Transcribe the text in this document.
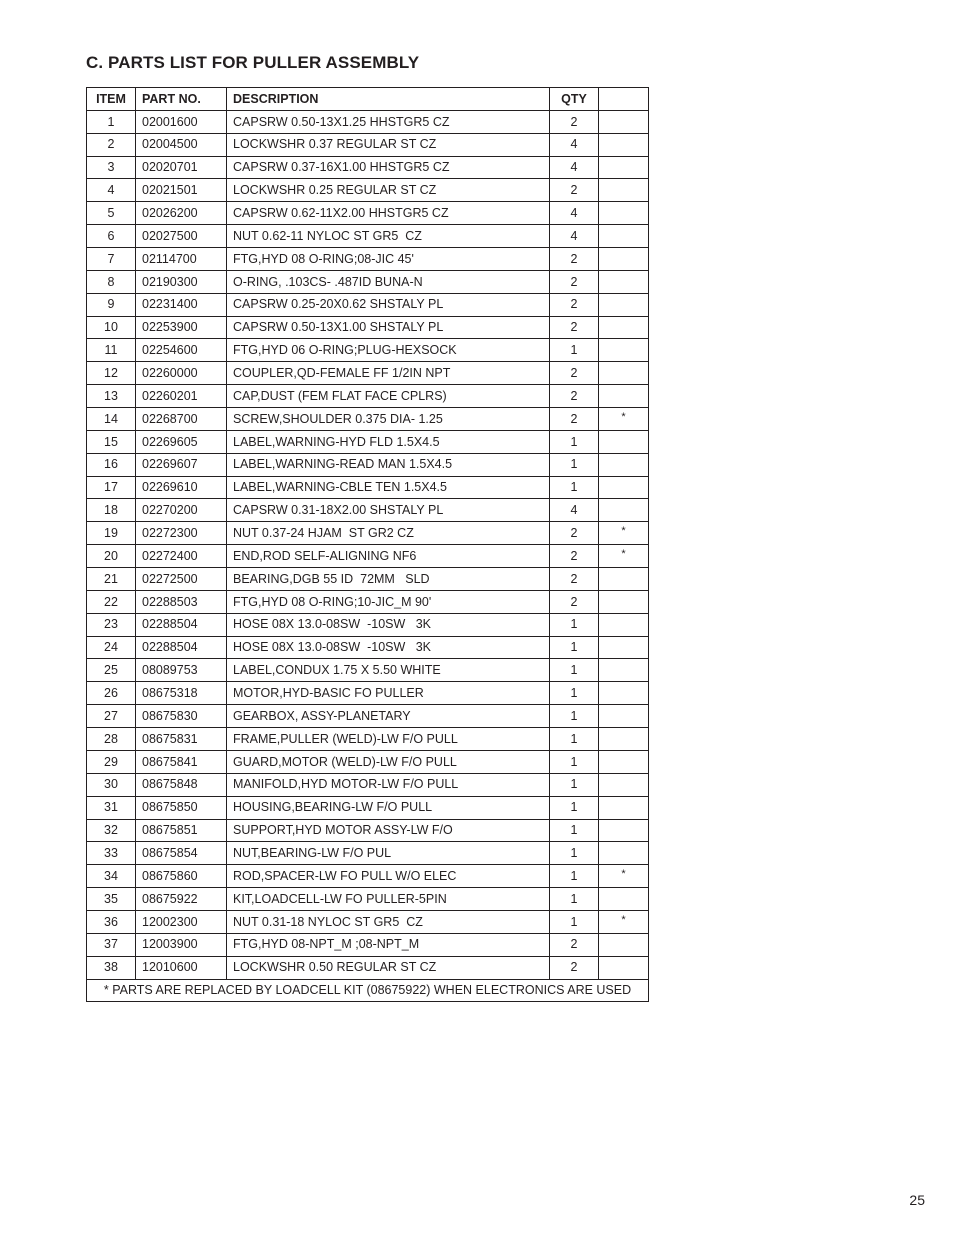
C. PARTS LIST FOR PULLER ASSEMBLY
ITEM	PART NO.	DESCRIPTION	QTY	
1	02001600	CAPSRW 0.50-13X1.25 HHSTGR5 CZ	2	
2	02004500	LOCKWSHR 0.37 REGULAR ST CZ	4	
3	02020701	CAPSRW 0.37-16X1.00 HHSTGR5 CZ	4	
4	02021501	LOCKWSHR 0.25 REGULAR ST CZ	2	
5	02026200	CAPSRW 0.62-11X2.00 HHSTGR5 CZ	4	
6	02027500	NUT 0.62-11 NYLOC ST GR5  CZ	4	
7	02114700	FTG,HYD 08 O-RING;08-JIC 45'	2	
8	02190300	O-RING, .103CS- .487ID BUNA-N	2	
9	02231400	CAPSRW 0.25-20X0.62 SHSTALY PL	2	
10	02253900	CAPSRW 0.50-13X1.00 SHSTALY PL	2	
11	02254600	FTG,HYD 06 O-RING;PLUG-HEXSOCK	1	
12	02260000	COUPLER,QD-FEMALE FF 1/2IN NPT	2	
13	02260201	CAP,DUST (FEM FLAT FACE CPLRS)	2	
14	02268700	SCREW,SHOULDER 0.375 DIA- 1.25	2	*
15	02269605	LABEL,WARNING-HYD FLD 1.5X4.5	1	
16	02269607	LABEL,WARNING-READ MAN 1.5X4.5	1	
17	02269610	LABEL,WARNING-CBLE TEN 1.5X4.5	1	
18	02270200	CAPSRW 0.31-18X2.00 SHSTALY PL	4	
19	02272300	NUT 0.37-24 HJAM  ST GR2 CZ	2	*
20	02272400	END,ROD SELF-ALIGNING NF6	2	*
21	02272500	BEARING,DGB 55 ID  72MM   SLD	2	
22	02288503	FTG,HYD 08 O-RING;10-JIC_M 90'	2	
23	02288504	HOSE 08X 13.0-08SW  -10SW   3K	1	
24	02288504	HOSE 08X 13.0-08SW  -10SW   3K	1	
25	08089753	LABEL,CONDUX 1.75 X 5.50 WHITE	1	
26	08675318	MOTOR,HYD-BASIC FO PULLER	1	
27	08675830	GEARBOX, ASSY-PLANETARY	1	
28	08675831	FRAME,PULLER (WELD)-LW F/O PULL	1	
29	08675841	GUARD,MOTOR (WELD)-LW F/O PULL	1	
30	08675848	MANIFOLD,HYD MOTOR-LW F/O PULL	1	
31	08675850	HOUSING,BEARING-LW F/O PULL	1	
32	08675851	SUPPORT,HYD MOTOR ASSY-LW F/O	1	
33	08675854	NUT,BEARING-LW F/O PUL	1	
34	08675860	ROD,SPACER-LW FO PULL W/O ELEC	1	*
35	08675922	KIT,LOADCELL-LW FO PULLER-5PIN	1	
36	12002300	NUT 0.31-18 NYLOC ST GR5  CZ	1	*
37	12003900	FTG,HYD 08-NPT_M ;08-NPT_M	2	
38	12010600	LOCKWSHR 0.50 REGULAR ST CZ	2	
* PARTS ARE REPLACED BY LOADCELL KIT (08675922) WHEN ELECTRONICS ARE USED				
25
